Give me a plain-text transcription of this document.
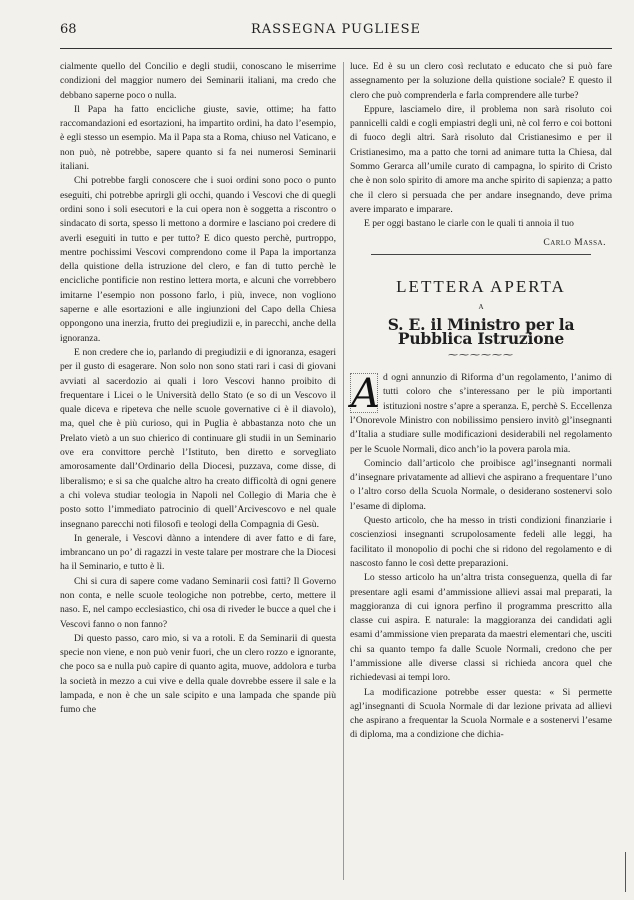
68	RASSEGNA PUGLIESE

cialmente quello del Concilio e degli studii, conoscano le miserrime condizioni del maggior numero dei Seminarii italiani, ma credo che debbano saperne poco o nulla.

Il Papa ha fatto encicliche giuste, savie, ottime; ha fatto raccomandazioni ed esortazioni, ha impartito ordini, ha dato l’esempio, è egli stesso un esempio. Ma il Papa sta a Roma, chiuso nel Vaticano, e non può, nè potrebbe, sapere quanto si fa nei numerosi Seminarii italiani.

Chi potrebbe fargli conoscere che i suoi ordini sono poco o punto eseguiti, chi potrebbe aprirgli gli occhi, quando i Vescovi che di quegli ordini sono i soli esecutori e la cui opera non è soggetta a riscontro o sindacato di sorta, spesso li mettono a dormire e lasciano poi credere di averli eseguiti in tutto e per tutto? E dico questo perchè, purtroppo, mentre pochissimi Vescovi comprendono come il Papa la importanza della quistione della istruzione del clero, e fan di tutto perchè le encicliche pontificie non restino lettera morta, e alcuni che vorrebbero imitarne l’esempio non possono farlo, i più, invece, non vogliono saperne e alle esortazioni e alle ingiunzioni del Capo della Chiesa oppongono una inerzia, frutto dei pregiudizii e, in parecchi, anche della ignoranza.

E non credere che io, parlando di pregiudizii e di ignoranza, esageri per il gusto di esagerare. Non solo non sono stati rari i casi di giovani avviati al sacerdozio ai quali i loro Vescovi hanno proibito di frequentare i Licei o le Università dello Stato (e so di un Vescovo il quale diceva e ripeteva che nelle scuole governative ci è il diavolo), ma, quel che è più curioso, qui in Puglia è abbastanza noto che un Prelato vietò a un suo chierico di continuare gli studii in un Seminario ove era convittore perchè l’Istituto, ben diretto e sorvegliato amorosamente dall’Ordinario della Diocesi, puzzava, come disse, di liberalismo; e si sa che qualche altro ha creato difficoltà di ogni genere a chi voleva studiar teologia in Napoli nel Collegio di Maria che è posto sotto l’immediato patrocinio di quell’Arcivescovo e nel quale insegnano parecchi noti filosofi e teologi della Compagnia di Gesù.

In generale, i Vescovi dànno a intendere di aver fatto e di fare, imbrancano un po’ di ragazzi in veste talare per mostrare che la Diocesi ha il Seminario, e tutto è lì.

Chi si cura di sapere come vadano Seminarii così fatti? Il Governo non conta, e nelle scuole teologiche non potrebbe, certo, mettere il naso. E, nel campo ecclesiastico, chi osa di riveder le bucce a quel che i Vescovi fanno o non fanno?

Di questo passo, caro mio, si va a rotoli. E da Seminarii di questa specie non viene, e non può venir fuori, che un clero rozzo e ignorante, che poco sa e nulla può capire di quanto agita, muove, addolora e turba la società in mezzo a cui vive e della quale dovrebbe essere il sale e la lampada, e non è che un sale scipito e una lampada che spande più fumo che

luce. Ed è su un clero così reclutato e educato che si può fare assegnamento per la soluzione della quistione sociale? E questo il clero che può comprenderla e farla comprendere alle turbe?

Eppure, lasciamelo dire, il problema non sarà risoluto coi pannicelli caldi e cogli empiastri degli unì, nè col ferro e coi bottoni di fuoco degli altri. Sarà risoluto dal Cristianesimo e per il Cristianesimo, ma a patto che torni ad animare tutta la Chiesa, dal Sommo Gerarca all’umile curato di campagna, lo spirito di Cristo che è non solo spirito di amore ma anche spirito di sapienza; a patto che il clero si persuada che per andare insegnando, deve prima avere imparato e imparare.

E per oggi bastano le ciarle con le quali ti annoia il tuo

Carlo Massa.
LETTERA APERTA
A
S. E. il Ministro per la Pubblica Istruzione
⁓⁓⁓⁓⁓⁓
A d ogni annunzio di Riforma d’un regolamento, l’animo di tutti coloro che s’interessano per le più importanti istituzioni nostre s’apre a speranza. E, perchè S. Eccellenza l’Onorevole Ministro con nobilissimo pensiero invitò gl’insegnanti d’Italia a studiare sulle modificazioni desiderabili nel regolamento per le Scuole Normali, dico anch’io la povera parola mia.

Comincio dall’articolo che proibisce agl’insegnanti normali d’insegnare privatamente ad allievi che aspirano a frequentare l’uno o l’altro corso della Scuola Normale, o desiderano sostenervi solo l’esame di diploma.

Questo articolo, che ha messo in tristi condizioni finanziarie i coscienziosi insegnanti scrupolosamente fedeli alle leggi, ha facilitato il monopolio di pochi che si ridono del regolamento e di nascosto fanno le così dette preparazioni.

Lo stesso articolo ha un’altra trista conseguenza, quella di far presentare agli esami d’ammissione allievi assai mal preparati, la maggioranza di cui ignora perfino il programma prescritto alla classe cui aspira. E naturale: la maggioranza dei candidati agli esami d’ammissione vien preparata da maestri elementari che, usciti chi sa quanto tempo fa dalle Scuole Normali, credono che per l’ammissione alle diverse classi si richieda ancora quel che richiedevasi ai tempi loro.

La modificazione potrebbe esser questa: « Si permette agl’insegnanti di Scuola Normale di dar lezione privata ad allievi che aspirano a frequentar la Scuola Normale e a sostenervi l’esame di diploma, ma a condizione che dichia-
